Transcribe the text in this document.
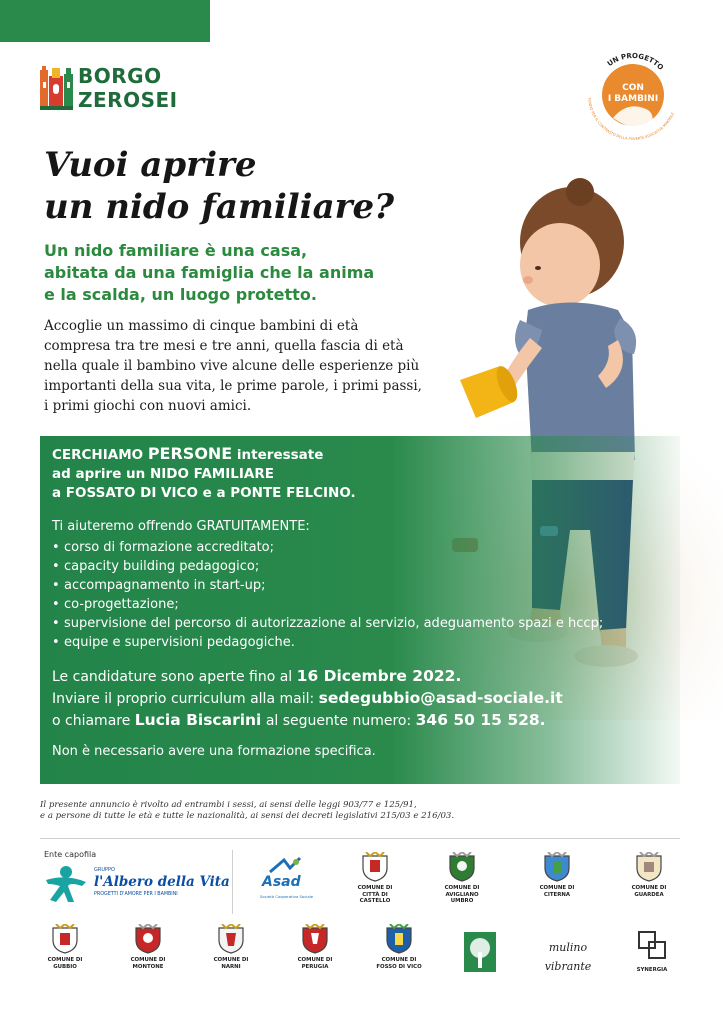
BORGO
ZEROSEI	CON
I BAMBINI
UN PROGETTO
FONDO PER IL CONTRASTO DELLA POVERTÀ EDUCATIVA MINORILE
Vuoi aprire
un nido familiare?
Un nido familiare è una casa,
abitata da una famiglia che la anima
e la scalda, un luogo protetto.
Accoglie un massimo di cinque bambini di età
compresa tra tre mesi e tre anni, quella fascia di età
nella quale il bambino vive alcune delle esperienze più
importanti della sua vita, le prime parole, i primi passi,
i primi giochi con nuovi amici.

CERCHIAMO PERSONE interessate
ad aprire un NIDO FAMILIARE
a FOSSATO DI VICO e a PONTE FELCINO.

Ti aiuteremo offrendo GRATUITAMENTE:

• corso di formazione accreditato;
• capacity building pedagogico;
• accompagnamento in start-up;
• co-progettazione;
• supervisione del percorso di autorizzazione al servizio, adeguamento spazi e hccp;
• equipe e supervisioni pedagogiche.

Le candidature sono aperte fino al 16 Dicembre 2022.
Inviare il proprio curriculum alla mail: sedegubbio@asad-sociale.it
o chiamare Lucia Biscarini al seguente numero: 346 50 15 528.

Non è necessario avere una formazione specifica.

Il presente annuncio è rivolto ad entrambi i sessi, ai sensi delle leggi 903/77 e 125/91,
e a persone di tutte le età e tutte le nazionalità, ai sensi dei decreti legislativi 215/03 e 216/03.
Ente capofila
GRUPPO
l'Albero della Vita
PROGETTI D'AMORE PER I BAMBINI
Asad
Società Cooperativa Sociale
COMUNE DI
CITTÀ DI
CASTELLO
COMUNE DI
AVIGLIANO
UMBRO
COMUNE DI
CITERNA
COMUNE DI
GUARDEA
COMUNE DI
GUBBIO
COMUNE DI
MONTONE
COMUNE DI
NARNI
COMUNE DI
PERUGIA
COMUNE DI
FOSSO DI VICO
mulino vibrante	SYNERGIA
